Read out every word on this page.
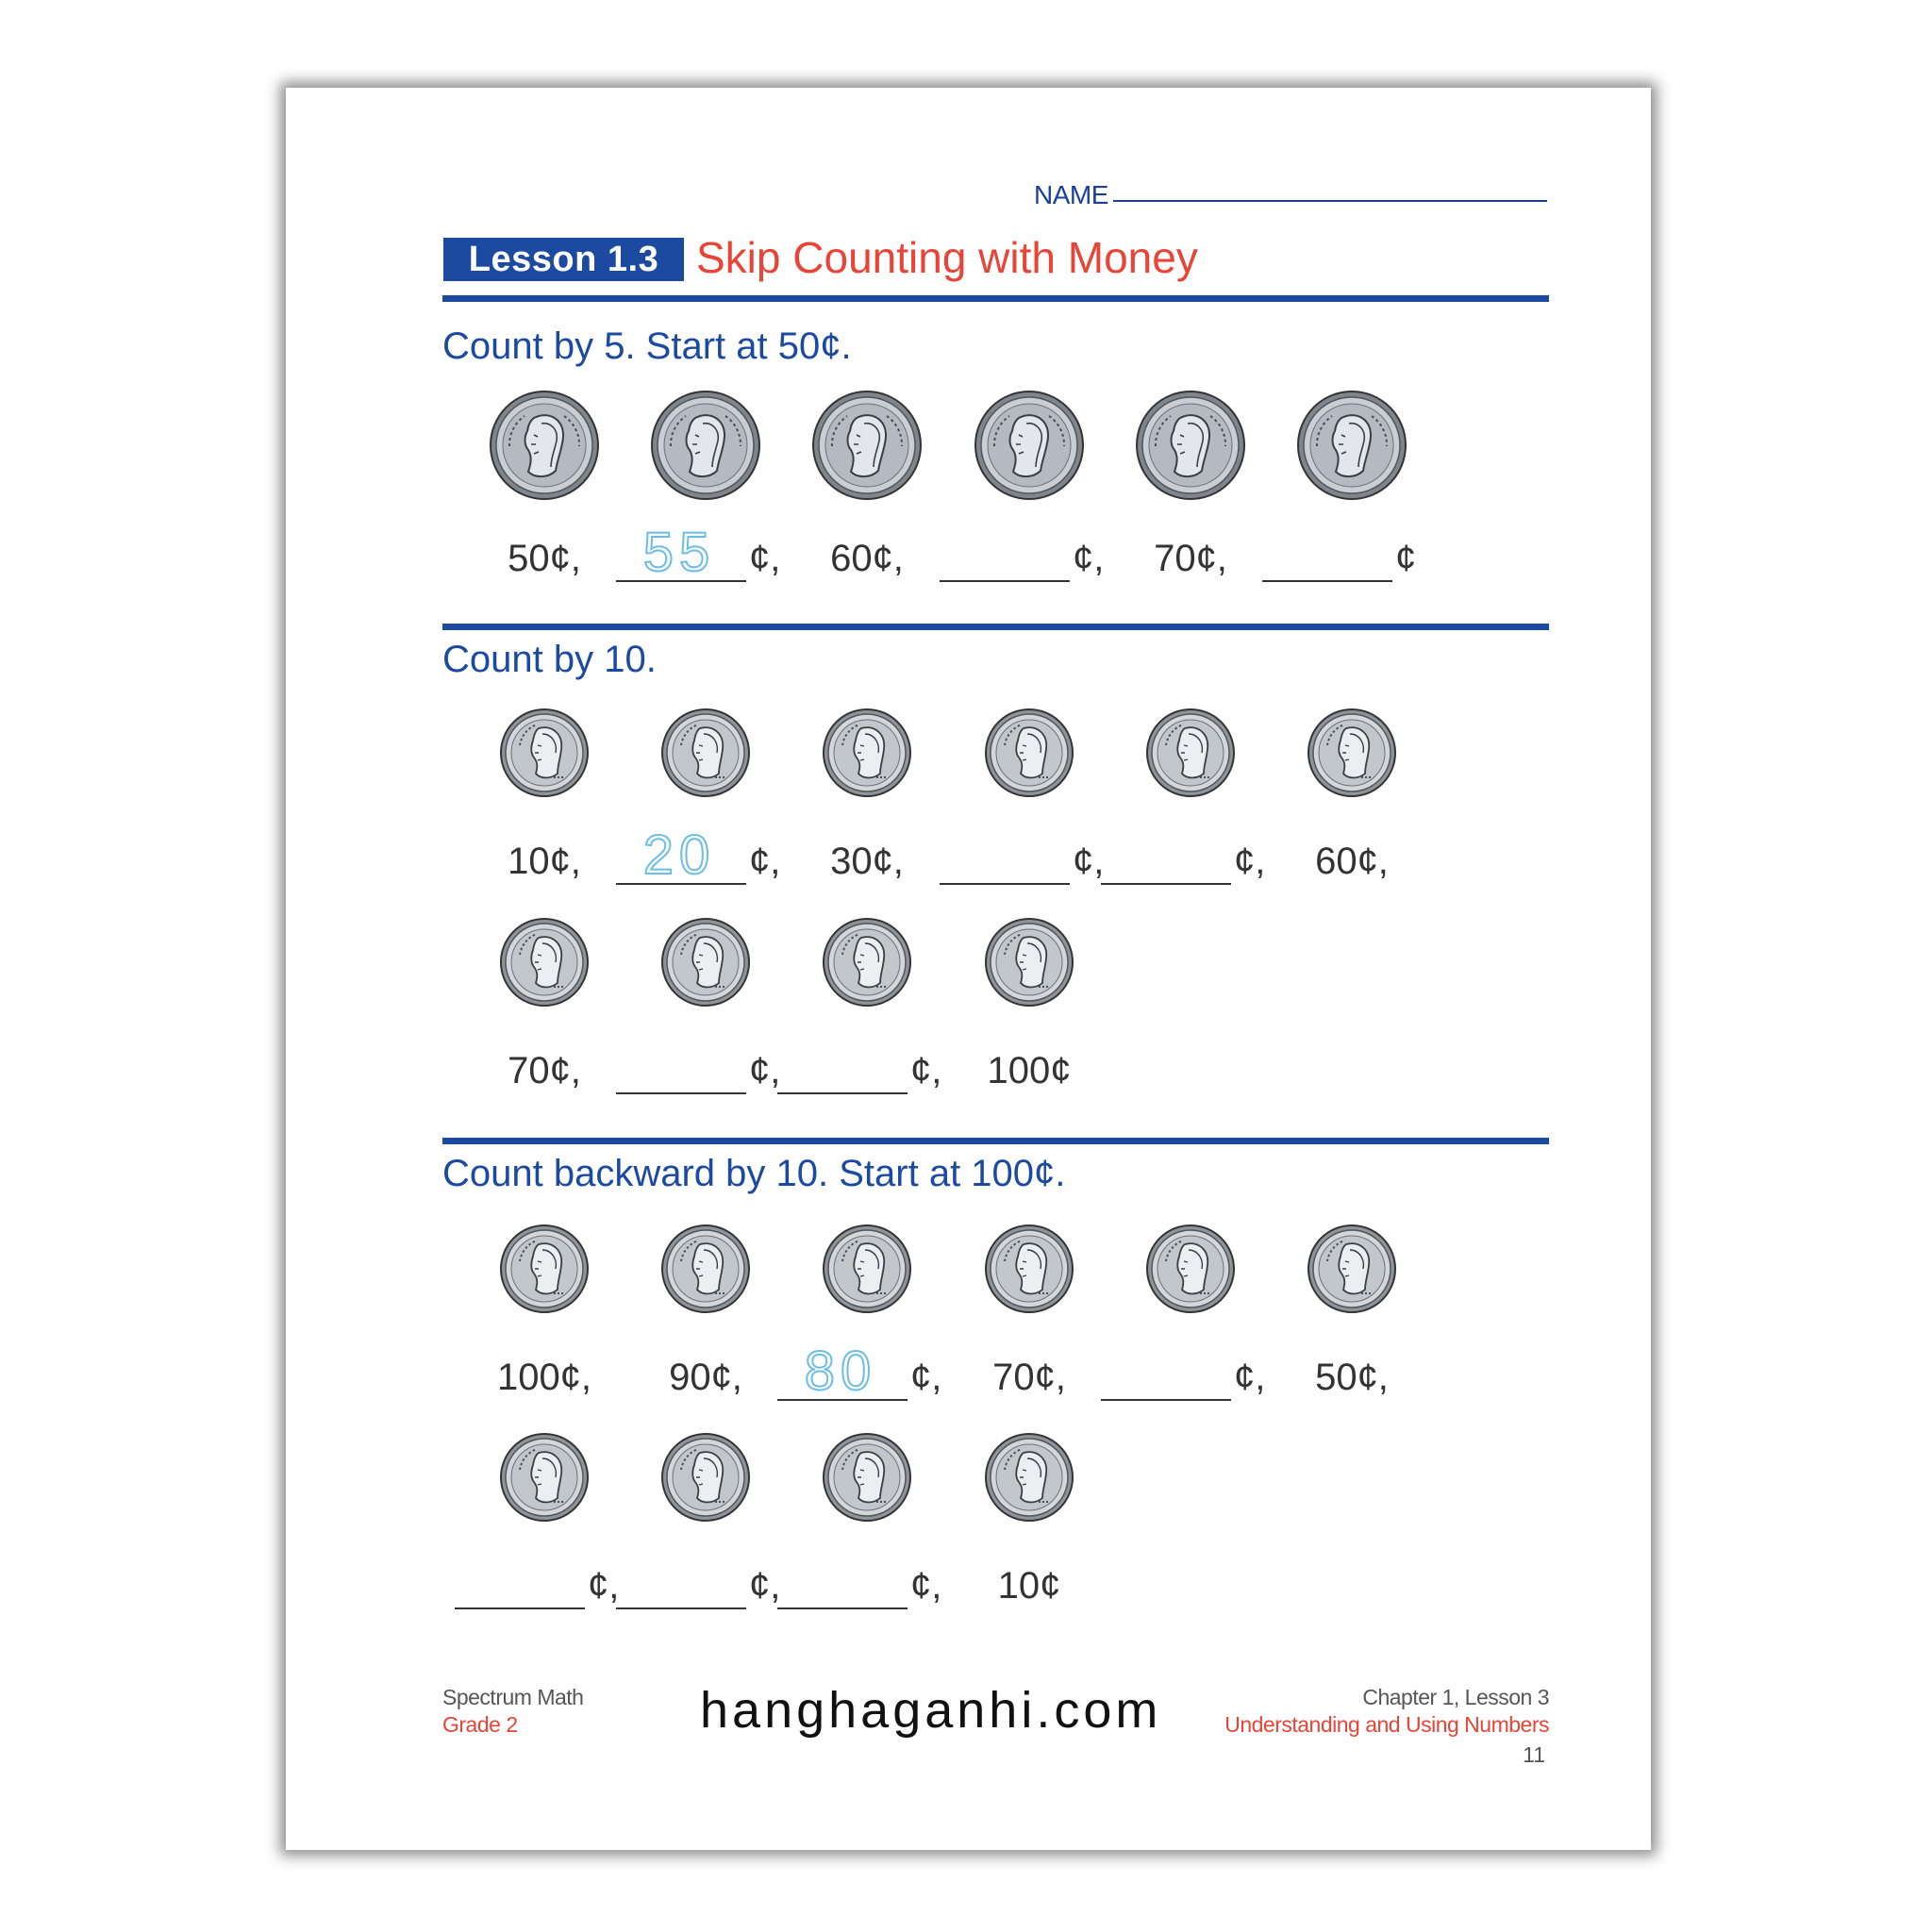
NAME
Lesson 1.3 Skip Counting with Money
Count by 5. Start at 50¢.
50¢, 55 ¢, 60¢,	¢, 70¢,	¢
Count by 10.
10¢, 20 ¢, 30¢,	¢,	¢, 60¢,
70¢,	¢,	¢, 100¢
Count backward by 10. Start at 100¢.
100¢, 90¢, 80 ¢, 70¢,	¢, 50¢,
¢,	¢,	¢, 10¢
Spectrum Math
Grade 2
Chapter 1, Lesson 3
Understanding and Using Numbers
11
hanghaganhi.com
